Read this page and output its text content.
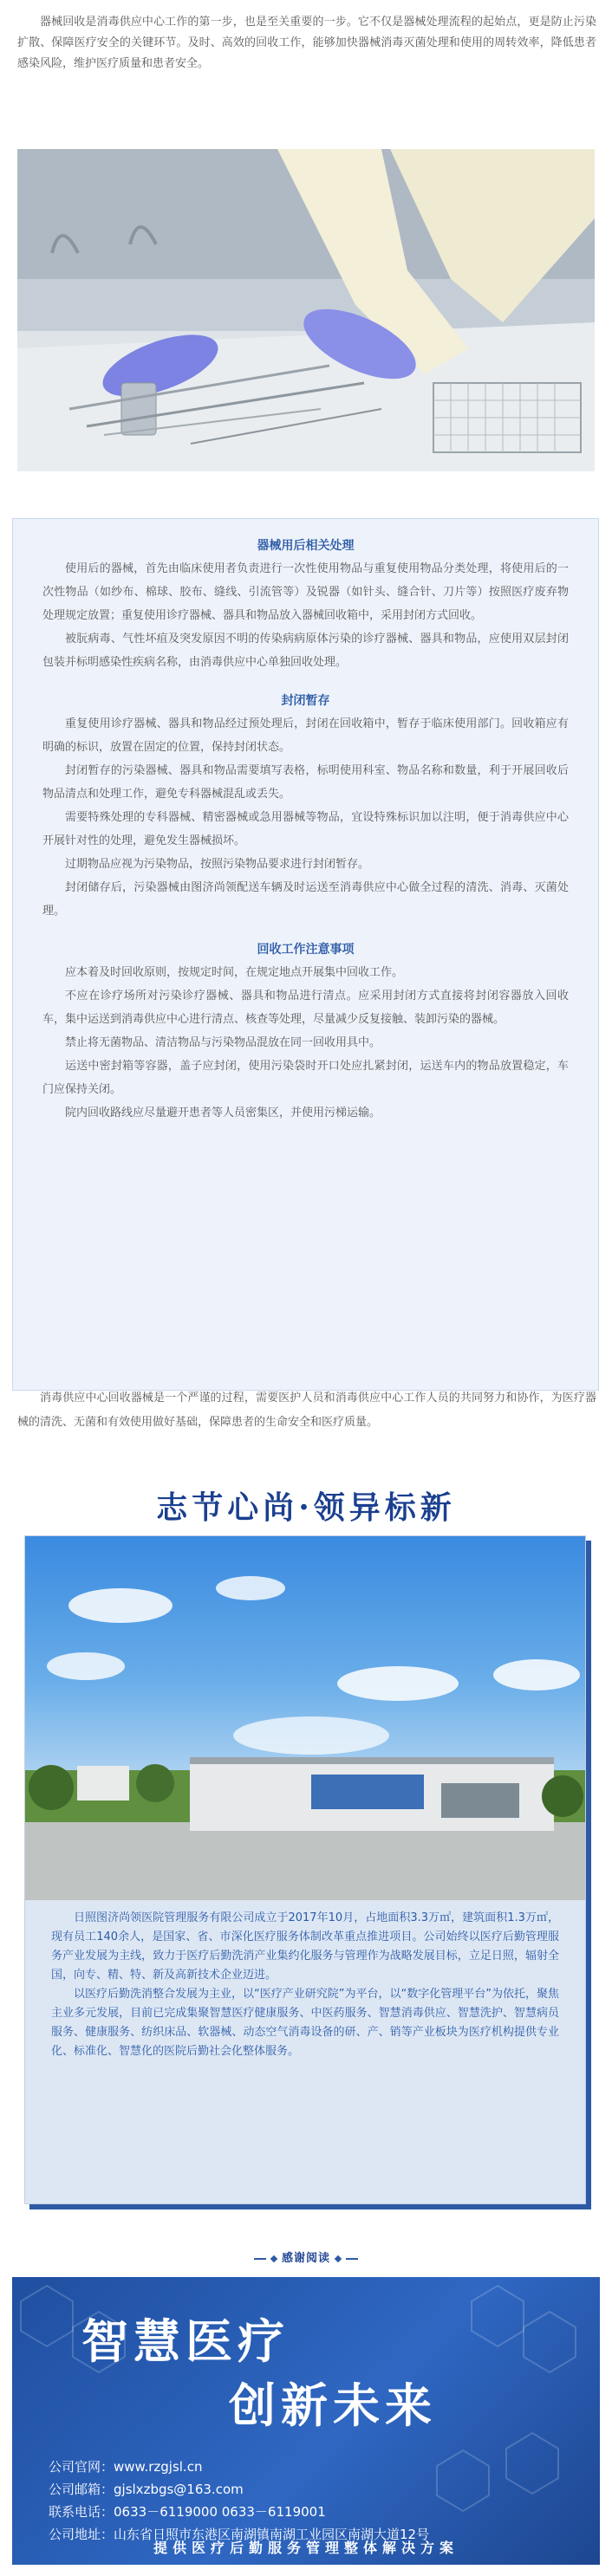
器械回收是消毒供应中心工作的第一步，也是至关重要的一步。它不仅是器械处理流程的起始点，更是防止污染扩散、保障医疗安全的关键环节。及时、高效的回收工作，能够加快器械消毒灭菌处理和使用的周转效率，降低患者感染风险，维护医疗质量和患者安全。

器械用后相关处理

使用后的器械，首先由临床使用者负责进行一次性使用物品与重复使用物品分类处理，将使用后的一次性物品（如纱布、棉球、胶布、缝线、引流管等）及锐器（如针头、缝合针、刀片等）按照医疗废弃物处理规定放置；重复使用诊疗器械、器具和物品放入器械回收箱中，采用封闭方式回收。

被朊病毒、气性坏疽及突发原因不明的传染病病原体污染的诊疗器械、器具和物品，应使用双层封闭包装并标明感染性疾病名称，由消毒供应中心单独回收处理。

封闭暂存

重复使用诊疗器械、器具和物品经过预处理后，封闭在回收箱中，暂存于临床使用部门。回收箱应有明确的标识，放置在固定的位置，保持封闭状态。

封闭暂存的污染器械、器具和物品需要填写表格，标明使用科室、物品名称和数量，利于开展回收后物品清点和处理工作，避免专科器械混乱或丢失。

需要特殊处理的专科器械、精密器械或急用器械等物品，宜设特殊标识加以注明，便于消毒供应中心开展针对性的处理，避免发生器械损坏。

过期物品应视为污染物品，按照污染物品要求进行封闭暂存。

封闭储存后，污染器械由图济尚领配送车辆及时运送至消毒供应中心做全过程的清洗、消毒、灭菌处理。

回收工作注意事项

应本着及时回收原则，按规定时间，在规定地点开展集中回收工作。

不应在诊疗场所对污染诊疗器械、器具和物品进行清点。应采用封闭方式直接将封闭容器放入回收车，集中运送到消毒供应中心进行清点、核查等处理，尽量减少反复接触、装卸污染的器械。

禁止将无菌物品、清洁物品与污染物品混放在同一回收用具中。

运送中密封箱等容器，盖子应封闭，使用污染袋时开口处应扎紧封闭，运送车内的物品放置稳定，车门应保持关闭。

院内回收路线应尽量避开患者等人员密集区，并使用污梯运输。

消毒供应中心回收器械是一个严谨的过程，需要医护人员和消毒供应中心工作人员的共同努力和协作，为医疗器械的清洗、无菌和有效使用做好基础，保障患者的生命安全和医疗质量。

志节心尚·领异标新

日照图济尚领医院管理服务有限公司成立于2017年10月，占地面积3.3万㎡，建筑面积1.3万㎡，现有员工140余人，是国家、省、市深化医疗服务体制改革重点推进项目。公司始终以医疗后勤管理服务产业发展为主线，致力于医疗后勤洗消产业集约化服务与管理作为战略发展目标，立足日照，辐射全国，向专、精、特、新及高新技术企业迈进。

以医疗后勤洗消整合发展为主业，以“医疗产业研究院”为平台，以“数字化管理平台”为依托，聚焦主业多元发展，目前已完成集聚智慧医疗健康服务、中医药服务、智慧消毒供应、智慧洗护、智慧病员服务、健康服务、纺织床品、软器械、动态空气消毒设备的研、产、销等产业板块为医疗机构提供专业化、标准化、智慧化的医院后勤社会化整体服务。

感谢阅读

智慧医疗

创新未来

公司官网：www.rzgjsl.cn
公司邮箱：gjslxzbgs@163.com
联系电话：0633－6119000 0633－6119001
公司地址：山东省日照市东港区南湖镇南湖工业园区南湖大道12号
提供医疗后勤服务管理整体解决方案
